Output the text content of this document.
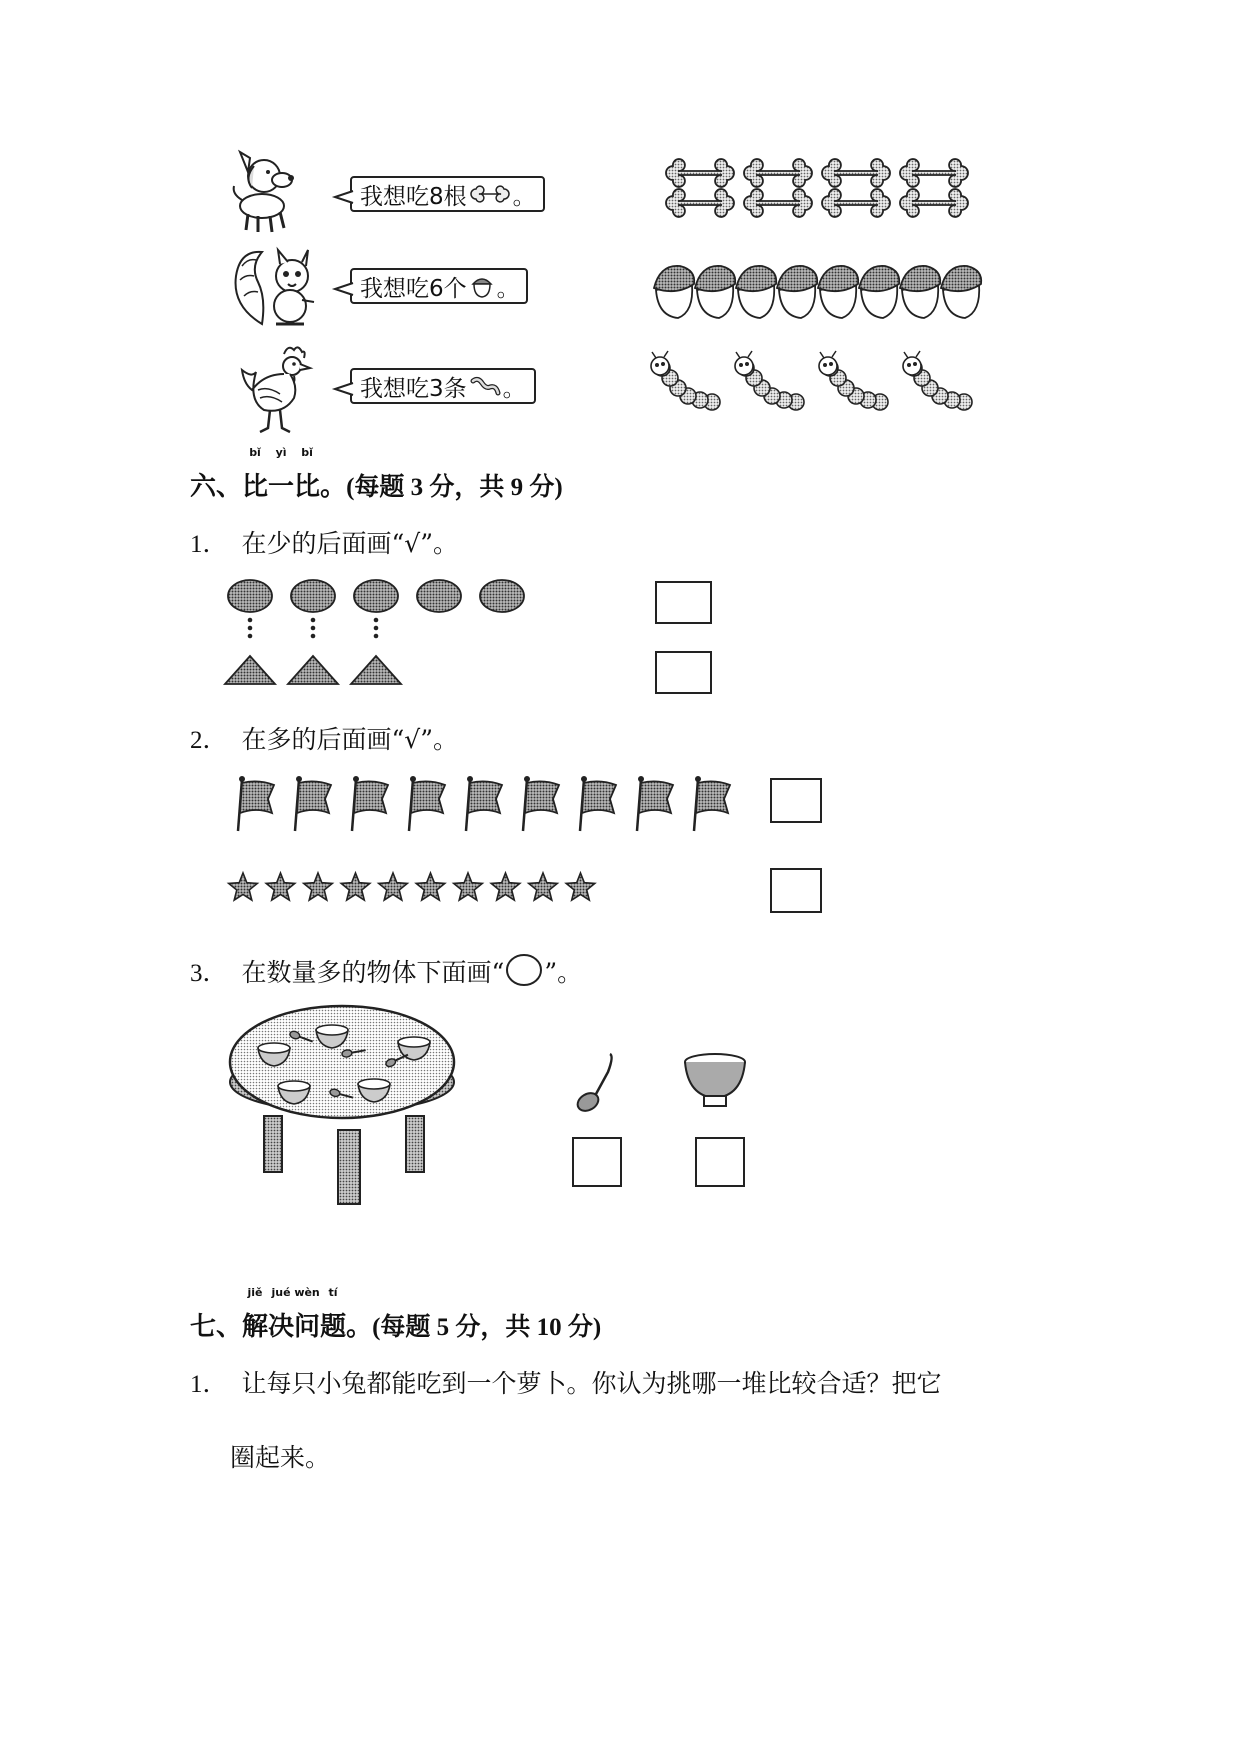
我想吃8根 。
我想吃6个 。
我想吃3条 。
六、
bǐ
比
yì
一
bǐ
比。(每题 3 分，共 9 分)
1． 在少的后面画“√”。
2． 在多的后面画“√”。
3． 在数量多的物体下面画“ ”。
七、
jiě
解
jué
决
wèn
问
tí
题。(每题 5 分，共 10 分)
1． 让每只小兔都能吃到一个萝卜。你认为挑哪一堆比较合适？把它
圈起来。
